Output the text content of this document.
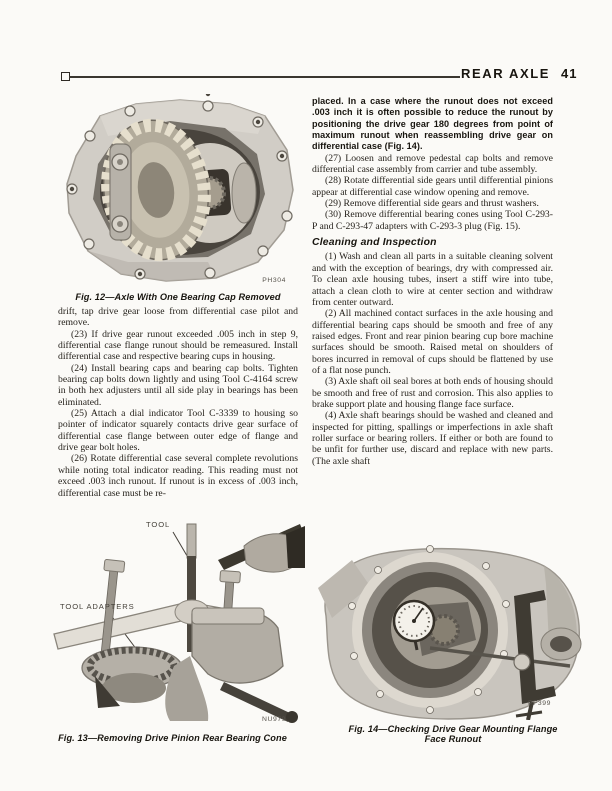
REAR AXLE 41
PH304
Fig. 12—Axle With One Bearing Cap Removed

drift, tap drive gear loose from differential case pilot and remove.

(23) If drive gear runout exceeded .005 inch in step 9, differential case flange runout should be remeasured. Install differential case and respective bearing cups in housing.

(24) Install bearing caps and bearing cap bolts. Tighten bearing cap bolts down lightly and using Tool C-4164 screw in both hex adjusters until all side play in bearings has been eliminated.

(25) Attach a dial indicator Tool C-3339 to housing so pointer of indicator squarely contacts drive gear surface of differential case flange between outer edge of flange and drive gear bolt holes.

(26) Rotate differential case several complete revolutions while noting total indicator reading. This reading must not exceed .003 inch runout. If runout is in excess of .003 inch, differential case must be re-

TOOL
TOOL ADAPTERS
NU979
Fig. 13—Removing Drive Pinion Rear Bearing Cone

placed. In a case where the runout does not exceed .003 inch it is often possible to reduce the runout by positioning the drive gear 180 degrees from point of maximum runout when reassembling drive gear on differential case (Fig. 14).

(27) Loosen and remove pedestal cap bolts and remove differential case assembly from carrier and tube assembly.

(28) Rotate differential side gears until differential pinions appear at differential case window opening and remove.

(29) Remove differential side gears and thrust washers.

(30) Remove differential bearing cones using Tool C-293-P and C-293-47 adapters with C-293-3 plug (Fig. 15).

Cleaning and Inspection

(1) Wash and clean all parts in a suitable cleaning solvent and with the exception of bearings, dry with compressed air. To clean axle housing tubes, insert a stiff wire into tube, attach a clean cloth to wire at center section and withdraw from center outward.

(2) All machined contact surfaces in the axle housing and differential bearing caps should be smooth and free of any raised edges. Front and rear pinion bearing cup bore machine surfaces should be smooth. Raised metal on shoulders of bores incurred in removal of cups should be flattened by use of a flat nose punch.

(3) Axle shaft oil seal bores at both ends of housing should be smooth and free of rust and corrosion. This also applies to brake support plate and housing flange face surface.

(4) Axle shaft bearings should be washed and cleaned and inspected for pitting, spallings or imperfections in axle shaft roller surface or bearing rollers. If either or both are found to be unfit for further use, discard and replace with new parts. (The axle shaft

PF399
Fig. 14—Checking Drive Gear Mounting Flange
Face Runout
